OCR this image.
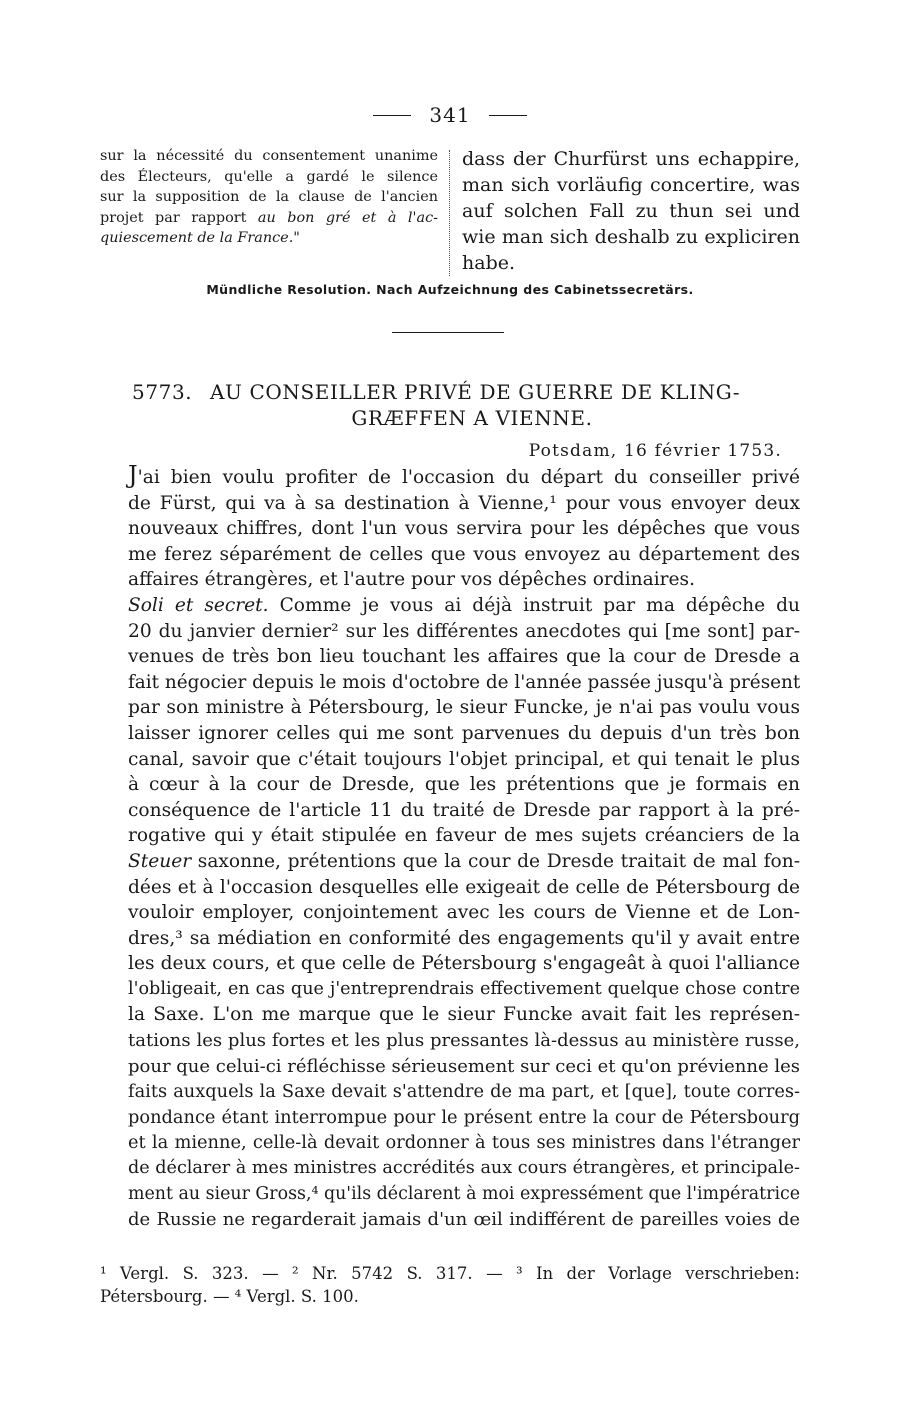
341
sur la nécessité du consentement unanime
des Électeurs, qu'elle a gardé le silence
sur la supposition de la clause de l'ancien
projet par rapport au bon gré et à l'ac-
quiescement de la France."
dass der Churfürst uns echappire,
man sich vorläufig concertire, was
auf solchen Fall zu thun sei und
wie man sich deshalb zu expliciren
habe.
Mündliche Resolution. Nach Aufzeichnung des Cabinetssecretärs.
5773. AU CONSEILLER PRIVÉ DE GUERRE DE KLING-
GRÆFFEN A VIENNE.
Potsdam, 16 février 1753.

J'ai bien voulu profiter de l'occasion du départ du conseiller privé
de Fürst, qui va à sa destination à Vienne,¹ pour vous envoyer deux
nouveaux chiffres, dont l'un vous servira pour les dépêches que vous
me ferez séparément de celles que vous envoyez au département des
affaires étrangères, et l'autre pour vos dépêches ordinaires.

Soli et secret. Comme je vous ai déjà instruit par ma dépêche du
20 du janvier dernier² sur les différentes anecdotes qui [me sont] par-
venues de très bon lieu touchant les affaires que la cour de Dresde a
fait négocier depuis le mois d'octobre de l'année passée jusqu'à présent
par son ministre à Pétersbourg, le sieur Funcke, je n'ai pas voulu vous
laisser ignorer celles qui me sont parvenues du depuis d'un très bon
canal, savoir que c'était toujours l'objet principal, et qui tenait le plus
à cœur à la cour de Dresde, que les prétentions que je formais en
conséquence de l'article 11 du traité de Dresde par rapport à la pré-
rogative qui y était stipulée en faveur de mes sujets créanciers de la
Steuer saxonne, prétentions que la cour de Dresde traitait de mal fon-
dées et à l'occasion desquelles elle exigeait de celle de Pétersbourg de
vouloir employer, conjointement avec les cours de Vienne et de Lon-
dres,³ sa médiation en conformité des engagements qu'il y avait entre
les deux cours, et que celle de Pétersbourg s'engageât à quoi l'alliance
l'obligeait, en cas que j'entreprendrais effectivement quelque chose contre
la Saxe. L'on me marque que le sieur Funcke avait fait les représen-
tations les plus fortes et les plus pressantes là-dessus au ministère russe,
pour que celui-ci réfléchisse sérieusement sur ceci et qu'on prévienne les
faits auxquels la Saxe devait s'attendre de ma part, et [que], toute corres-
pondance étant interrompue pour le présent entre la cour de Pétersbourg
et la mienne, celle-là devait ordonner à tous ses ministres dans l'étranger
de déclarer à mes ministres accrédités aux cours étrangères, et principale-
ment au sieur Gross,⁴ qu'ils déclarent à moi expressément que l'impératrice
de Russie ne regarderait jamais d'un œil indifférent de pareilles voies de

¹ Vergl. S. 323. — ² Nr. 5742 S. 317. — ³ In der Vorlage verschrieben:
Pétersbourg. — ⁴ Vergl. S. 100.
